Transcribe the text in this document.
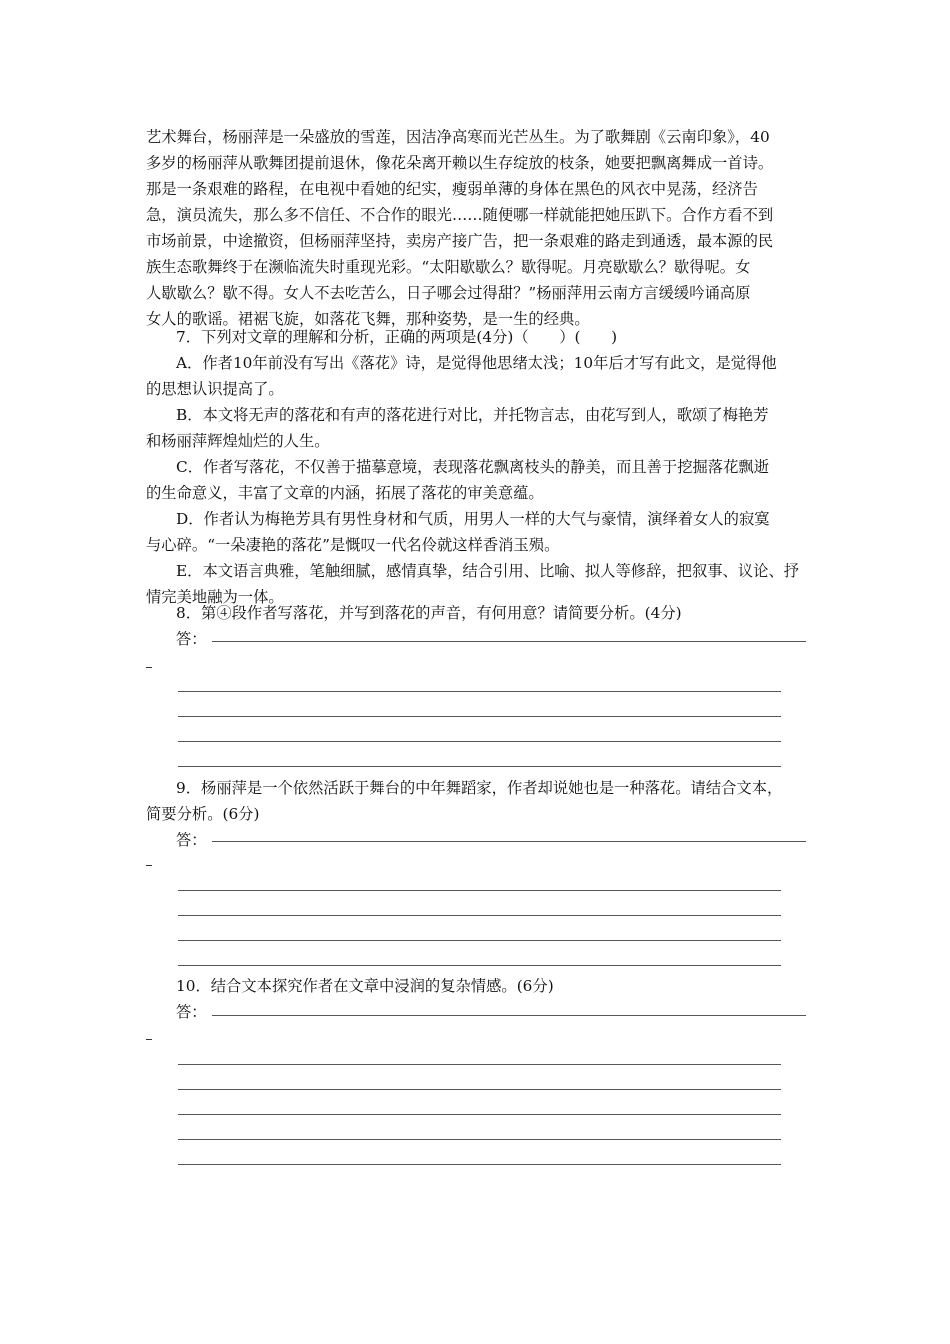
艺术舞台，杨丽萍是一朵盛放的雪莲，因洁净高寒而光芒丛生。为了歌舞剧《云南印象》，40
多岁的杨丽萍从歌舞团提前退休，像花朵离开赖以生存绽放的枝条，她要把飘离舞成一首诗。
那是一条艰难的路程，在电视中看她的纪实，瘦弱单薄的身体在黑色的风衣中晃荡，经济告
急，演员流失，那么多不信任、不合作的眼光……随便哪一样就能把她压趴下。合作方看不到
市场前景，中途撤资，但杨丽萍坚持，卖房产接广告，把一条艰难的路走到通透，最本源的民
族生态歌舞终于在濒临流失时重现光彩。“太阳歇歇么？歇得呢。月亮歇歇么？歇得呢。女
人歇歇么？歇不得。女人不去吃苦么，日子哪会过得甜？”杨丽萍用云南方言缓缓吟诵高原
女人的歌谣。裙裾飞旋，如落花飞舞，那种姿势，是一生的经典。
7．下列对文章的理解和分析，正确的两项是(4分)（　　）(　　)
A．作者10年前没有写出《落花》诗，是觉得他思绪太浅；10年后才写有此文，是觉得他
的思想认识提高了。
B．本文将无声的落花和有声的落花进行对比，并托物言志，由花写到人，歌颂了梅艳芳
和杨丽萍辉煌灿烂的人生。
C．作者写落花，不仅善于描摹意境，表现落花飘离枝头的静美，而且善于挖掘落花飘逝
的生命意义，丰富了文章的内涵，拓展了落花的审美意蕴。
D．作者认为梅艳芳具有男性身材和气质，用男人一样的大气与豪情，演绎着女人的寂寞
与心碎。“一朵凄艳的落花”是慨叹一代名伶就这样香消玉殒。
E．本文语言典雅，笔触细腻，感情真挚，结合引用、比喻、拟人等修辞，把叙事、议论、抒
情完美地融为一体。
8．第④段作者写落花，并写到落花的声音，有何用意？请简要分析。(4分)
答：
9．杨丽萍是一个依然活跃于舞台的中年舞蹈家，作者却说她也是一种落花。请结合文本，
简要分析。(6分)
答：
10．结合文本探究作者在文章中浸润的复杂情感。(6分)
答：
